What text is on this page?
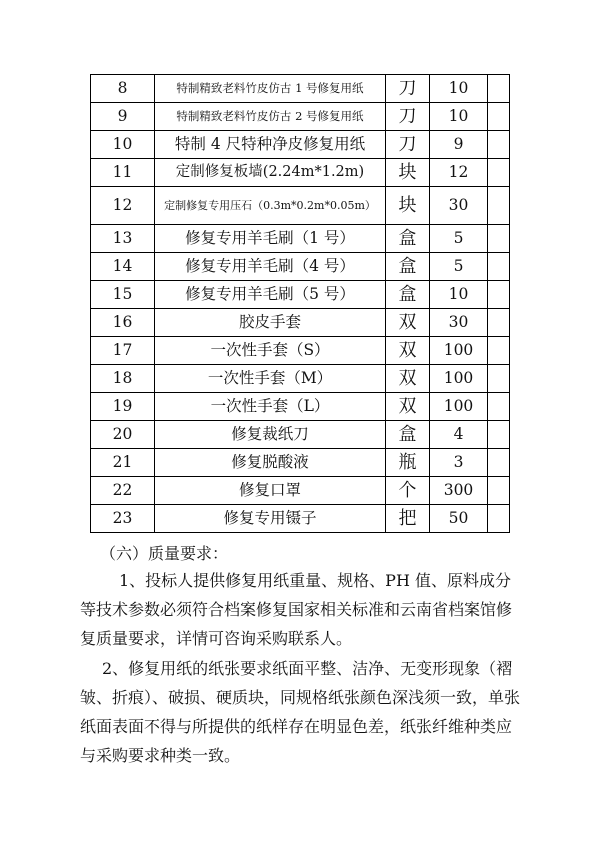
8	特制精致老料竹皮仿古 1 号修复用纸	刀	10	
9	特制精致老料竹皮仿古 2 号修复用纸	刀	10	
10	特制 4 尺特种净皮修复用纸	刀	9	
11	定制修复板墙(2.24m*1.2m)	块	12	
12	定制修复专用压石（0.3m*0.2m*0.05m）	块	30	
13	修复专用羊毛刷（1 号）	盒	5	
14	修复专用羊毛刷（4 号）	盒	5	
15	修复专用羊毛刷（5 号）	盒	10	
16	胶皮手套	双	30	
17	一次性手套（S）	双	100	
18	一次性手套（M）	双	100	
19	一次性手套（L）	双	100	
20	修复裁纸刀	盒	4	
21	修复脱酸液	瓶	3	
22	修复口罩	个	300	
23	修复专用镊子	把	50	
（六）质量要求：
1、投标人提供修复用纸重量、规格、PH 值、原料成分等技术参数必须符合档案修复国家相关标准和云南省档案馆修复质量要求，详情可咨询采购联系人。
2、修复用纸的纸张要求纸面平整、洁净、无变形现象（褶皱、折痕）、破损、硬质块，同规格纸张颜色深浅须一致，单张纸面表面不得与所提供的纸样存在明显色差，纸张纤维种类应与采购要求种类一致。
